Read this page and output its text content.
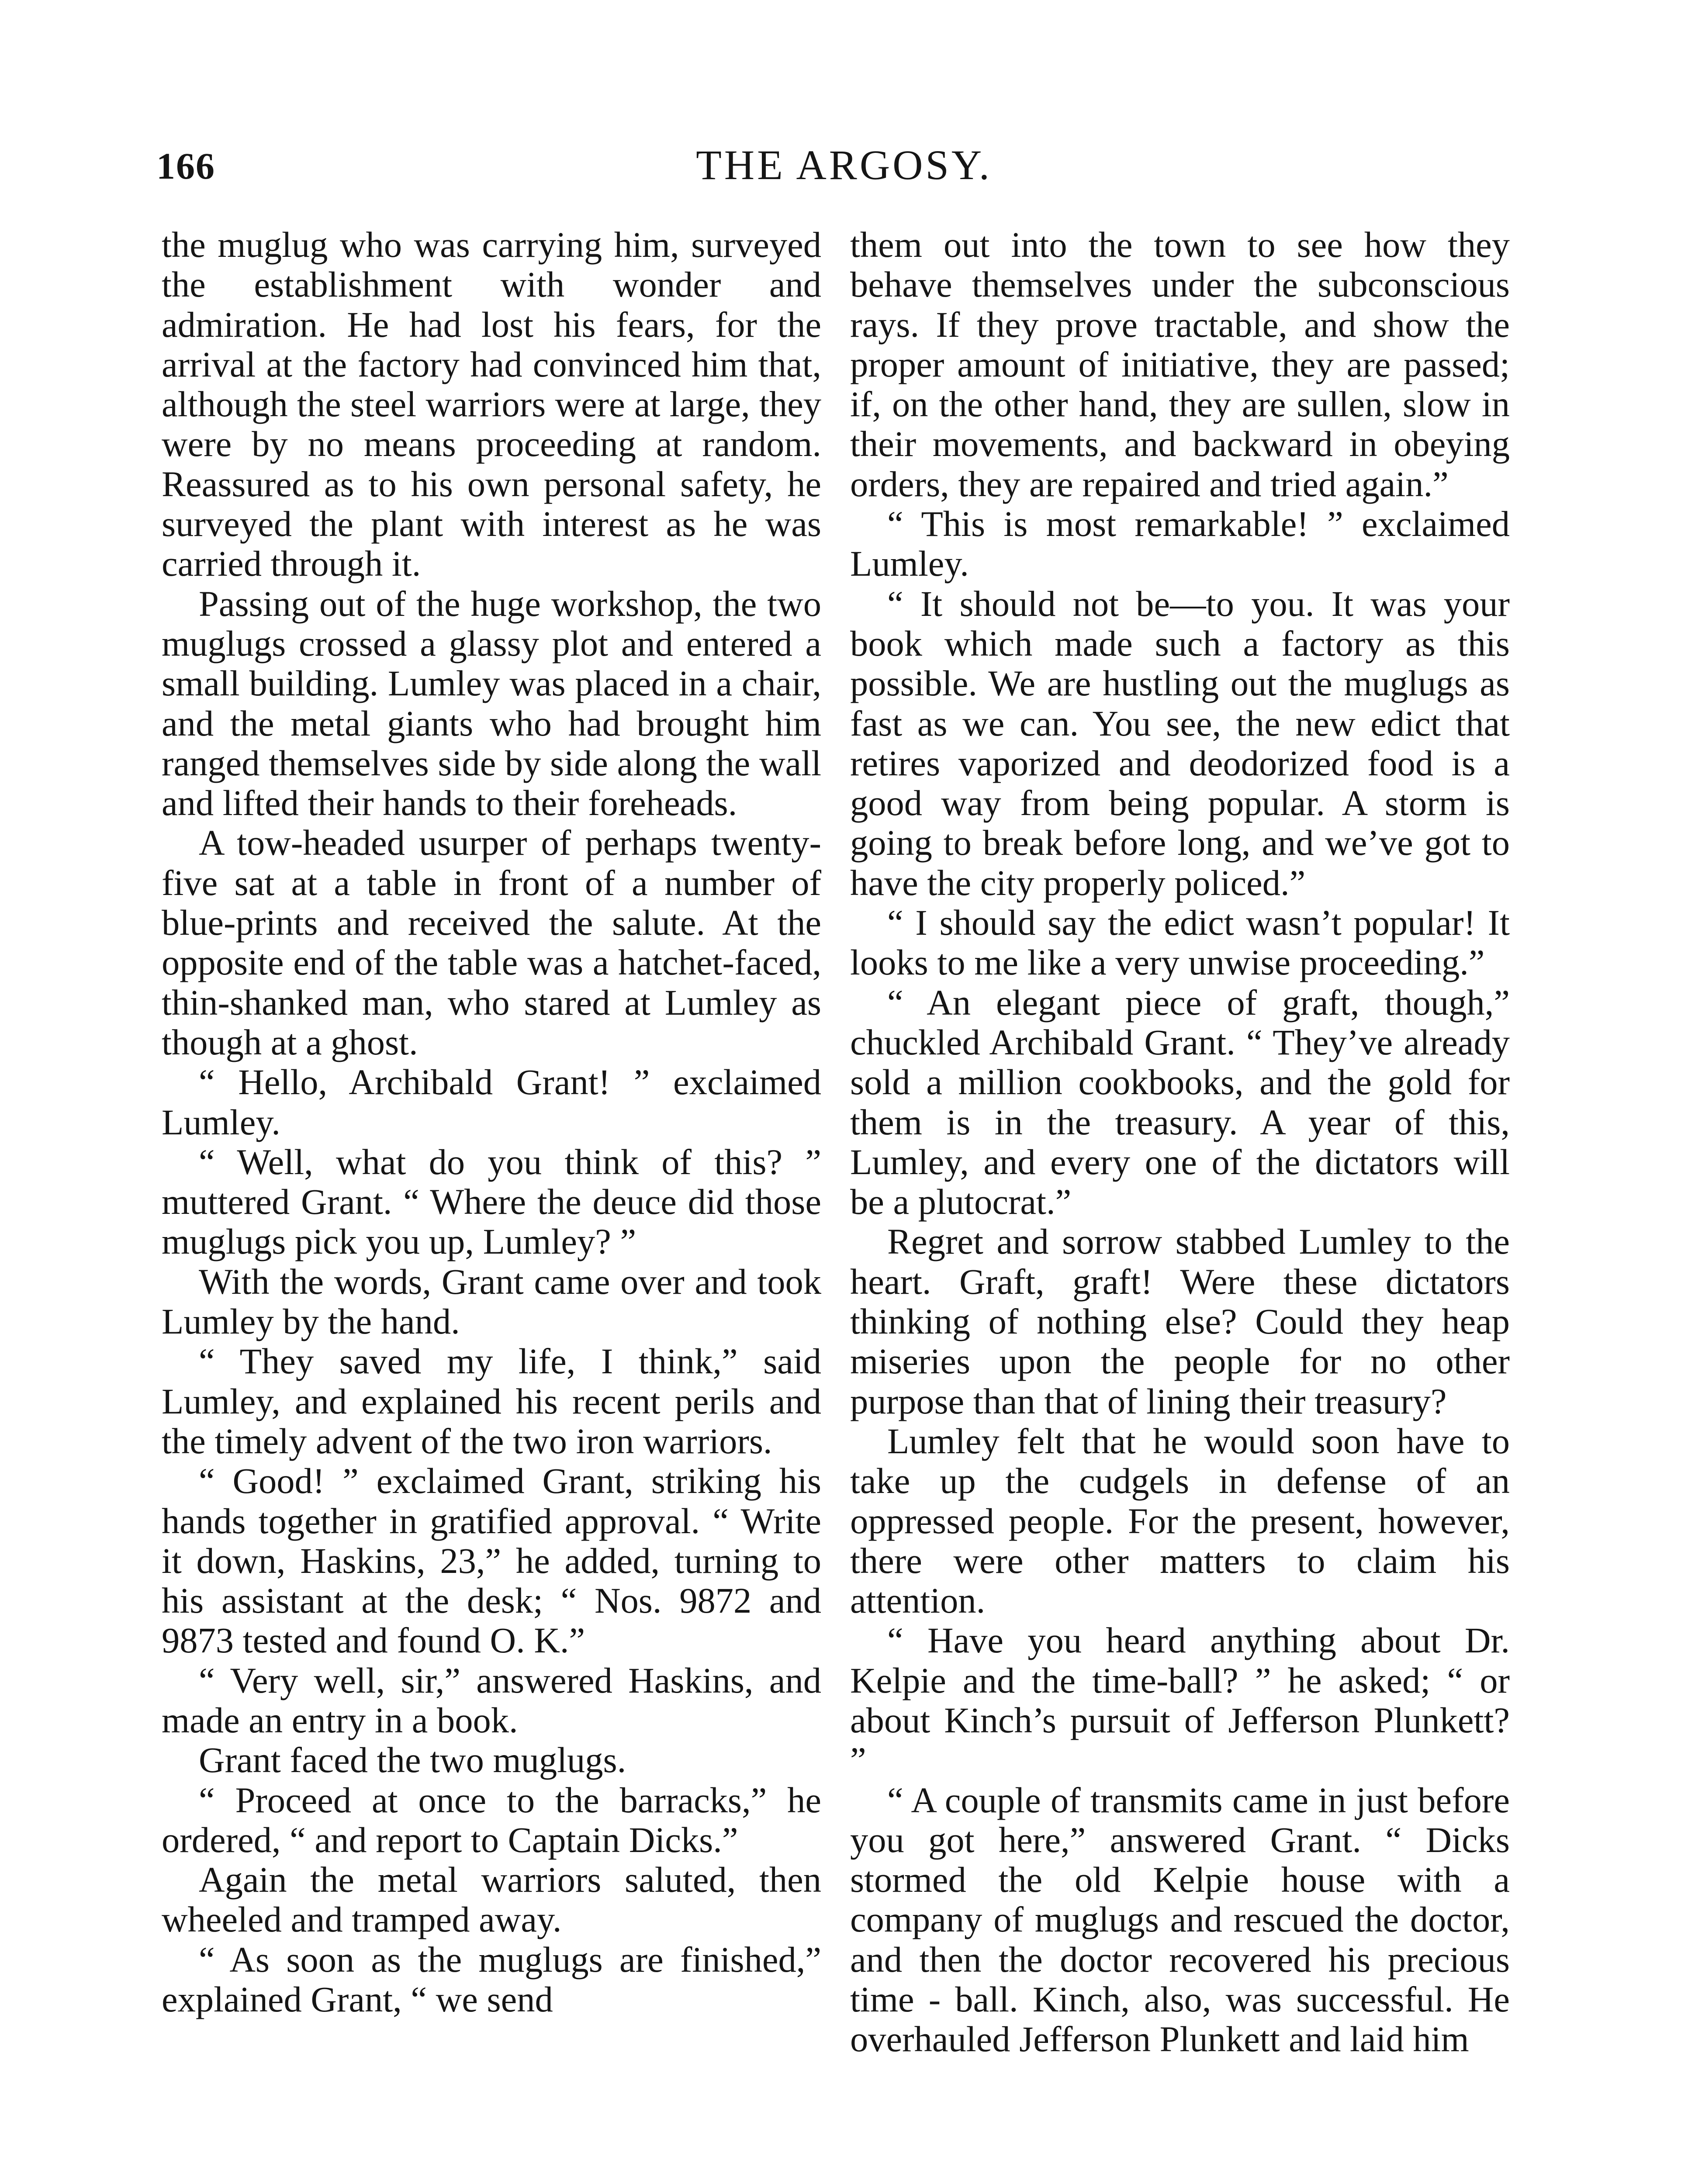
166	THE ARGOSY.

the muglug who was carrying him, surveyed the establishment with wonder and admiration. He had lost his fears, for the arrival at the factory had convinced him that, although the steel warriors were at large, they were by no means proceeding at random. Reassured as to his own personal safety, he surveyed the plant with interest as he was carried through it.

Passing out of the huge workshop, the two muglugs crossed a glassy plot and entered a small building. Lumley was placed in a chair, and the metal giants who had brought him ranged themselves side by side along the wall and lifted their hands to their foreheads.

A tow-headed usurper of perhaps twenty-five sat at a table in front of a number of blue-prints and received the salute. At the opposite end of the table was a hatchet-faced, thin-shanked man, who stared at Lumley as though at a ghost.

“ Hello, Archibald Grant! ” exclaimed Lumley.

“ Well, what do you think of this? ” muttered Grant. “ Where the deuce did those muglugs pick you up, Lumley? ”

With the words, Grant came over and took Lumley by the hand.

“ They saved my life, I think,” said Lumley, and explained his recent perils and the timely advent of the two iron warriors.

“ Good! ” exclaimed Grant, striking his hands together in gratified approval. “ Write it down, Haskins, 23,” he added, turning to his assistant at the desk; “ Nos. 9872 and 9873 tested and found O. K.”

“ Very well, sir,” answered Haskins, and made an entry in a book.

Grant faced the two muglugs.

“ Proceed at once to the barracks,” he ordered, “ and report to Captain Dicks.”

Again the metal warriors saluted, then wheeled and tramped away.

“ As soon as the muglugs are finished,” explained Grant, “ we send

them out into the town to see how they behave themselves under the subconscious rays. If they prove tractable, and show the proper amount of initiative, they are passed; if, on the other hand, they are sullen, slow in their movements, and backward in obeying orders, they are repaired and tried again.”

“ This is most remarkable! ” exclaimed Lumley.

“ It should not be—to you. It was your book which made such a factory as this possible. We are hustling out the muglugs as fast as we can. You see, the new edict that retires vaporized and deodorized food is a good way from being popular. A storm is going to break before long, and we’ve got to have the city properly policed.”

“ I should say the edict wasn’t popular! It looks to me like a very unwise proceeding.”

“ An elegant piece of graft, though,” chuckled Archibald Grant. “ They’ve already sold a million cookbooks, and the gold for them is in the treasury. A year of this, Lumley, and every one of the dictators will be a plutocrat.”

Regret and sorrow stabbed Lumley to the heart. Graft, graft! Were these dictators thinking of nothing else? Could they heap miseries upon the people for no other purpose than that of lining their treasury?

Lumley felt that he would soon have to take up the cudgels in defense of an oppressed people. For the present, however, there were other matters to claim his attention.

“ Have you heard anything about Dr. Kelpie and the time-ball? ” he asked; “ or about Kinch’s pursuit of Jefferson Plunkett? ”

“ A couple of transmits came in just before you got here,” answered Grant. “ Dicks stormed the old Kelpie house with a company of muglugs and rescued the doctor, and then the doctor recovered his precious time - ball. Kinch, also, was successful. He overhauled Jefferson Plunkett and laid him
